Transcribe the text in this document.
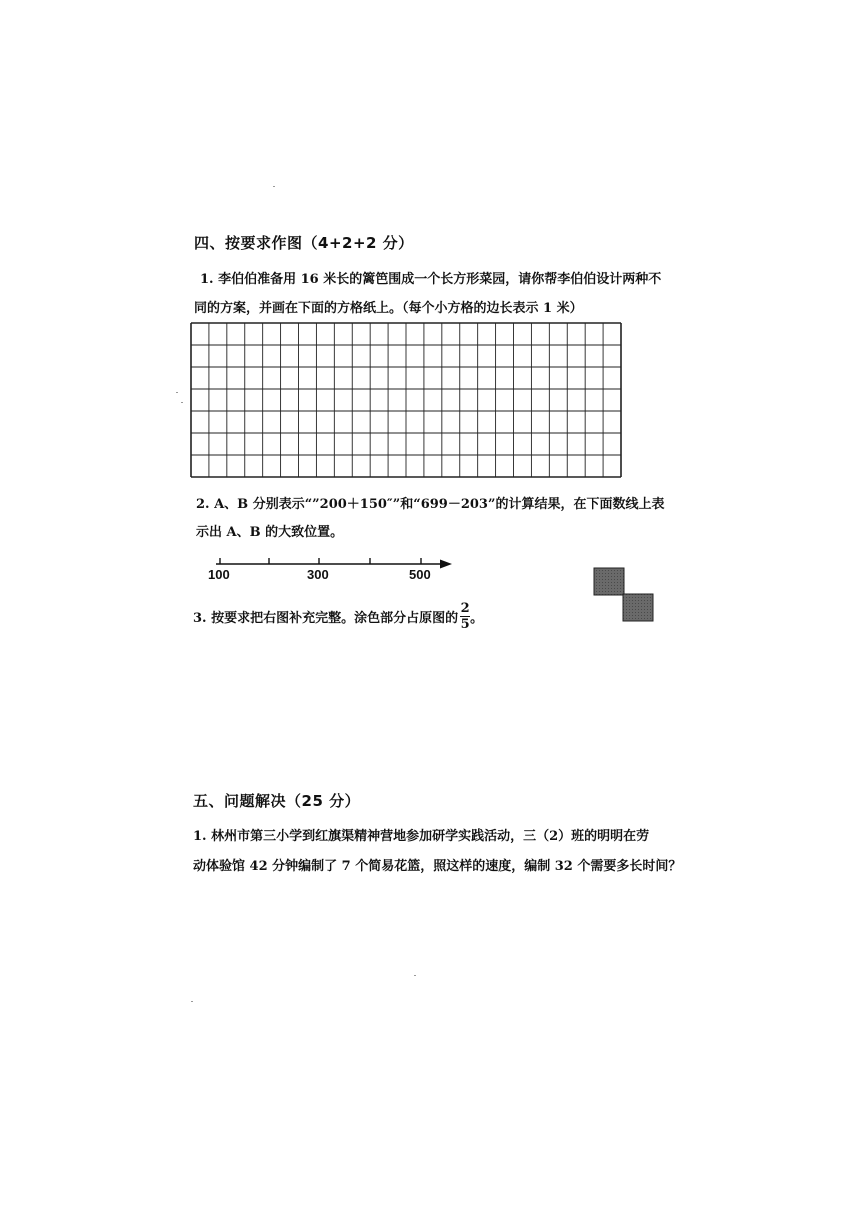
四、按要求作图（4+2+2 分）
1. 李伯伯准备用 16 米长的篱笆围成一个长方形菜园，请你帮李伯伯设计两种不
同的方案，并画在下面的方格纸上。（每个小方格的边长表示 1 米）
2. A、B 分别表示“”200＋150″”和“699－203”的计算结果，在下面数线上表
示出 A、B 的大致位置。
100	300	500
3. 按要求把右图补充完整。涂色部分占原图的 $\frac{2}{5}$ 。
五、问题解决（25 分）
1. 林州市第三小学到红旗渠精神营地参加研学实践活动，三（2）班的明明在劳
动体验馆 42 分钟编制了 7 个简易花篮，照这样的速度，编制 32 个需要多长时间？
